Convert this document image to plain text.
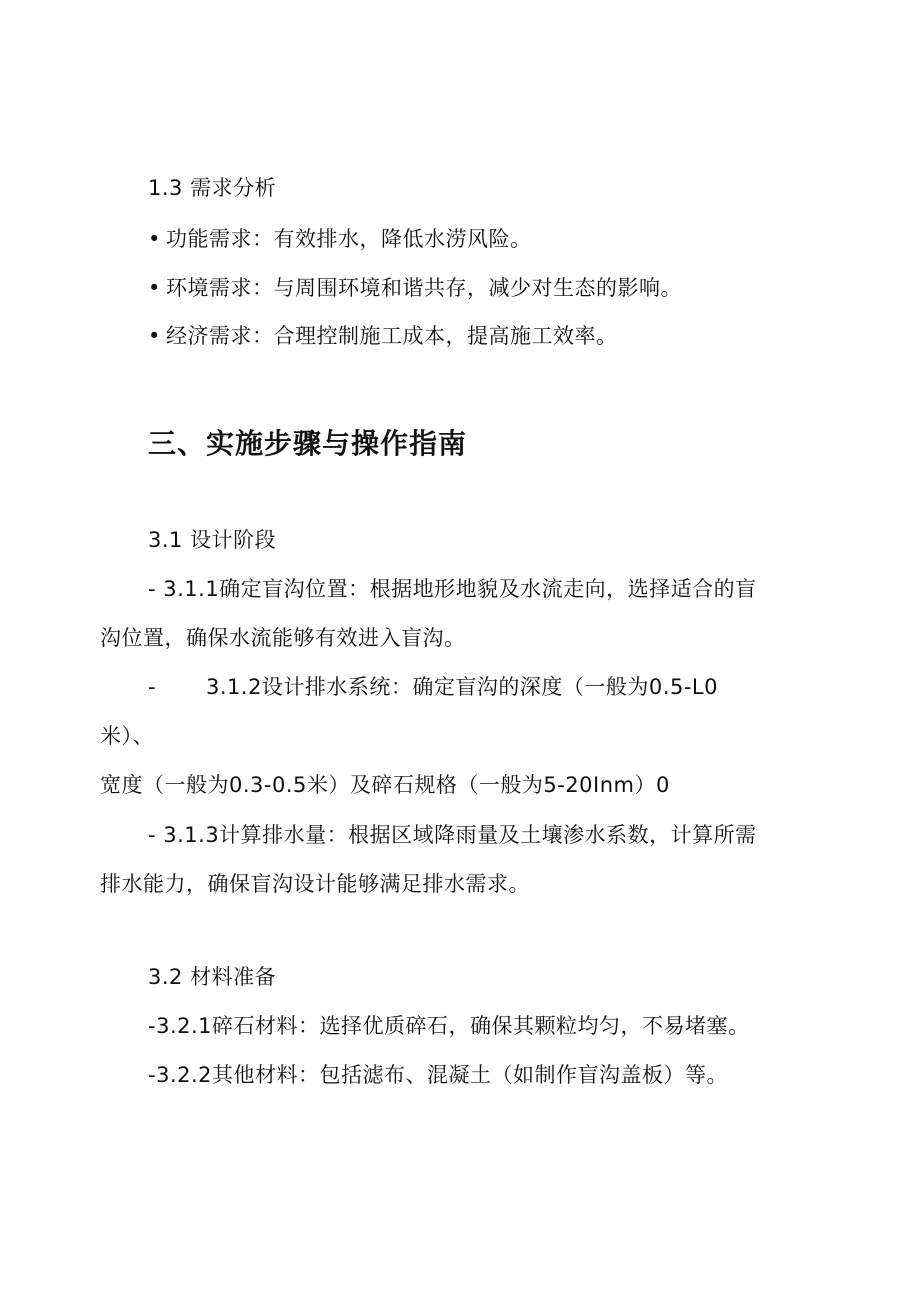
1.3 需求分析
• 功能需求：有效排水，降低水涝风险。
• 环境需求：与周围环境和谐共存，减少对生态的影响。
• 经济需求：合理控制施工成本，提高施工效率。
三、实施步骤与操作指南
3.1 设计阶段
- 3.1.1确定盲沟位置：根据地形地貌及水流走向，选择适合的盲
沟位置，确保水流能够有效进入盲沟。
- 3.1.2设计排水系统：确定盲沟的深度（一般为0.5-L0
米）、
宽度（一般为0.3-0.5米）及碎石规格（一般为5-20Inm）0
- 3.1.3计算排水量：根据区域降雨量及土壤渗水系数，计算所需
排水能力，确保盲沟设计能够满足排水需求。
3.2 材料准备
-3.2.1碎石材料：选择优质碎石，确保其颗粒均匀，不易堵塞。
-3.2.2其他材料：包括滤布、混凝土（如制作盲沟盖板）等。
